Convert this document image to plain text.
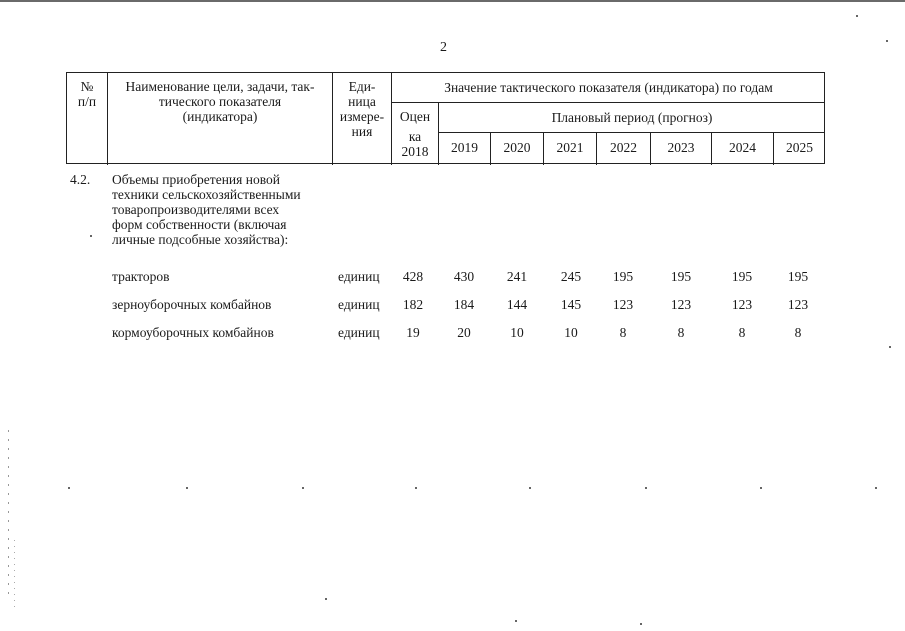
2
№ п/п
Наименование цели, задачи, так-
тического показателя
(индикатора)
Еди-
ница
измере-
ния
Значение тактического показателя (индикатора) по годам
Оцен
ка
2018
Плановый период (прогноз)
2019	2020	2021	2022	2023	2024	2025
4.2. Объемы приобретения новой
техники сельскохозяйственными
товаропроизводителями всех
форм собственности (включая
личные подсобные хозяйства):
тракторов	единиц	428	430	241	245	195	195	195	195
зерноуборочных комбайнов	единиц	182	184	144	145	123	123	123	123
кормоуборочных комбайнов	единиц	19	20	10	10	8	8	8	8
